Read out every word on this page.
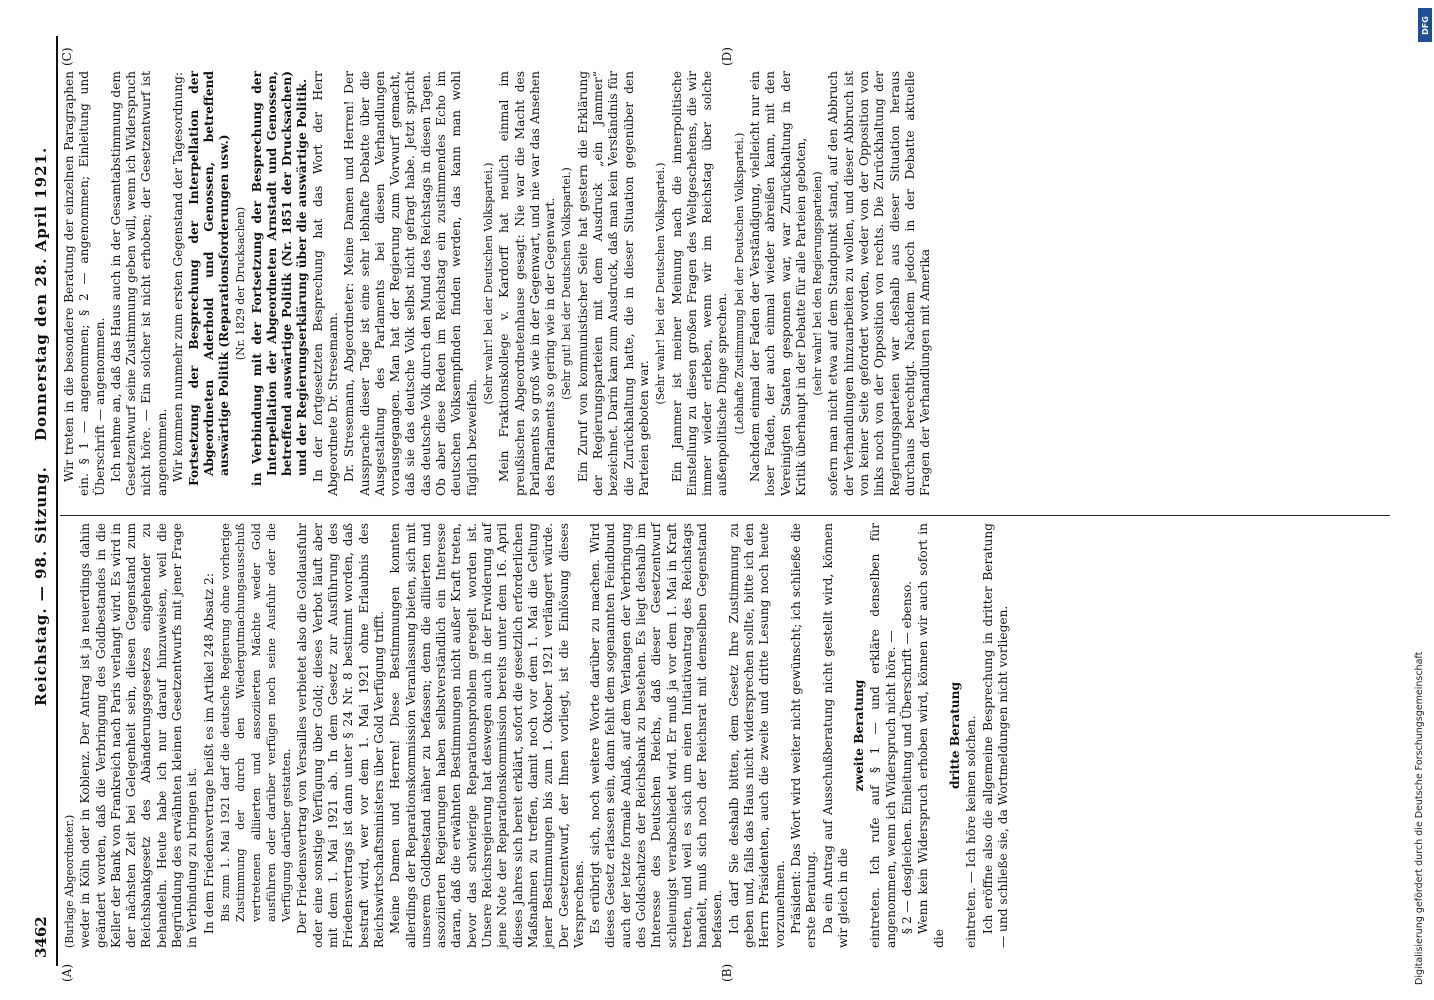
3462
Reichstag. — 98. Sitzung.
Donnerstag den 28. April 1921.
(A)	(B)
(C)	(D)

(Burlage Abgeordneter.) weder in Köln oder in Koblenz. Der Antrag ist ja neuerdings dahin geändert worden, daß die Verbringung des Goldbestandes in die Keller der Bank von Frankreich nach Paris verlangt wird. Es wird in der nächsten Zeit bei Gelegenheit sein, diesen Gegenstand zum Reichsbankgesetz des Abänderungsgesetzes eingehender zu behandeln. Heute habe ich nur darauf hinzuweisen, weil die Begründung des erwähnten kleinen Gesetzentwurfs mit jener Frage in Verbindung zu bringen ist. In dem Friedensvertrage heißt es im Artikel 248 Absatz 2: Bis zum 1. Mai 1921 darf die deutsche Regierung ohne vorherige Zustimmung der durch den Wiedergutmachungsausschuß vertretenen alliierten und assoziierten Mächte weder Gold ausführen oder darüber verfügen noch seine Ausfuhr oder die Verfügung darüber gestatten. Der Friedensvertrag von Versailles verbietet also die Goldausfuhr oder eine sonstige Verfügung über Gold; dieses Verbot läuft aber mit dem 1. Mai 1921 ab. In dem Gesetz zur Ausführung des Friedensvertrags ist dann unter § 24 Nr. 8 bestimmt worden, daß bestraft wird, wer vor dem 1. Mai 1921 ohne Erlaubnis des Reichswirtschaftsministers über Gold Verfügung trifft. Meine Damen und Herren! Diese Bestimmungen konnten allerdings der Reparationskommission Veranlassung bieten, sich mit unserem Goldbestand näher zu befassen; denn die alliierten und assoziierten Regierungen haben selbstverständlich ein Interesse daran, daß die erwähnten Bestimmungen nicht außer Kraft treten, bevor das schwierige Reparationsproblem geregelt worden ist. Unsere Reichsregierung hat deswegen auch in der Erwiderung auf jene Note der Reparationskommission bereits unter dem 16. April dieses Jahres sich bereit erklärt, sofort die gesetzlich erforderlichen Maßnahmen zu treffen, damit noch vor dem 1. Mai die Geltung jener Bestimmungen bis zum 1. Oktober 1921 verlängert würde. Der Gesetzentwurf, der Ihnen vorliegt, ist die Einlösung dieses Versprechens. Es erübrigt sich, noch weitere Worte darüber zu machen. Wird dieses Gesetz erlassen sein, dann fehlt dem sogenannten Feindbund auch der letzte formale Anlaß, auf dem Verlangen der Verbringung des Goldschatzes der Reichsbank zu bestehen. Es liegt deshalb im Interesse des Deutschen Reichs, daß dieser Gesetzentwurf schleunigst verabschiedet wird. Er muß ja vor dem 1. Mai in Kraft treten, und weil es sich um einen Initiativantrag des Reichstags handelt, muß sich noch der Reichsrat mit demselben Gegenstand befassen. Ich darf Sie deshalb bitten, dem Gesetz Ihre Zustimmung zu geben und, falls das Haus nicht widersprechen sollte, bitte ich den Herrn Präsidenten, auch die zweite und dritte Lesung noch heute vorzunehmen. Präsident: Das Wort wird weiter nicht gewünscht; ich schließe die erste Beratung. Da ein Antrag auf Ausschußberatung nicht gestellt wird, können wir gleich in die

zweite Beratung eintreten. Ich rufe auf § 1 — und erkläre denselben für angenommen, wenn ich Widerspruch nicht höre. — § 2 — desgleichen. Einleitung und Überschrift — ebenso. Wenn kein Widerspruch erhoben wird, können wir auch sofort in die

dritte Beratung eintreten. — Ich höre keinen solchen. Ich eröffne also die allgemeine Besprechung in dritter Beratung — und schließe sie, da Wortmeldungen nicht vorliegen.

Wir treten in die besondere Beratung der einzelnen Paragraphen ein. § 1 — angenommen; § 2 — angenommen; Einleitung und Überschrift — angenommen. Ich nehme an, daß das Haus auch in der Gesamtabstimmung dem Gesetzentwurf seine Zustimmung geben will, wenn ich Widerspruch nicht höre. — Ein solcher ist nicht erhoben; der Gesetzentwurf ist angenommen. Wir kommen nunmehr zum ersten Gegenstand der Tagesordnung: Fortsetzung der Besprechung der Interpellation der Abgeordneten Aderhold und Genossen, betreffend auswärtige Politik (Reparationsforderungen usw.) (Nr. 1829 der Drucksachen) in Verbindung mit der Fortsetzung der Besprechung der Interpellation der Abgeordneten Arnstadt und Genossen, betreffend auswärtige Politik (Nr. 1851 der Drucksachen) und der Regierungserklärung über die auswärtige Politik. In der fortgesetzten Besprechung hat das Wort der Herr Abgeordnete Dr. Stresemann. Dr. Stresemann, Abgeordneter: Meine Damen und Herren! Der Aussprache dieser Tage ist eine sehr lebhafte Debatte über die Ausgestaltung des Parlaments bei diesen Verhandlungen vorausgegangen. Man hat der Regierung zum Vorwurf gemacht, daß sie das deutsche Volk selbst nicht gefragt habe. Jetzt spricht das deutsche Volk durch den Mund des Reichstags in diesen Tagen. Ob aber diese Reden im Reichstag ein zustimmendes Echo im deutschen Volksempfinden finden werden, das kann man wohl füglich bezweifeln.

(Sehr wahr! bei der Deutschen Volkspartei.) Mein Fraktionskollege v. Kardorff hat neulich einmal im preußischen Abgeordnetenhause gesagt: Nie war die Macht des Parlaments so groß wie in der Gegenwart, und nie war das Ansehen des Parlaments so gering wie in der Gegenwart. (Sehr gut! bei der Deutschen Volkspartei.) Ein Zuruf von kommunistischer Seite hat gestern die Erklärung der Regierungsparteien mit dem Ausdruck „ein Jammer“ bezeichnet. Darin kam zum Ausdruck, daß man kein Verständnis für die Zurückhaltung hatte, die in dieser Situation gegenüber den Parteien geboten war.

(Sehr wahr! bei der Deutschen Volkspartei.) Ein Jammer ist meiner Meinung nach die innerpolitische Einstellung zu diesen großen Fragen des Weltgeschehens, die wir immer wieder erleben, wenn wir im Reichstag über solche außenpolitische Dinge sprechen. (Lebhafte Zustimmung bei der Deutschen Volkspartei.) Nachdem einmal der Faden der Verständigung, vielleicht nur ein loser Faden, der auch einmal wieder abreißen kann, mit den Vereinigten Staaten gesponnen war, war Zurückhaltung in der Kritik überhaupt in der Debatte für alle Parteien geboten, (sehr wahr! bei den Regierungsparteien) sofern man nicht etwa auf dem Standpunkt stand, auf den Abbruch der Verhandlungen hinzuarbeiten zu wollen, und dieser Abbruch ist von keiner Seite gefordert worden, weder von der Opposition von links noch von der Opposition von rechts. Die Zurückhaltung der Regierungsparteien war deshalb aus dieser Situation heraus durchaus berechtigt. Nachdem jedoch in der Debatte aktuelle Fragen der Verhandlungen mit Amerika

Digitalisierung gefördert durch die Deutsche Forschungsgemeinschaft
DFG
